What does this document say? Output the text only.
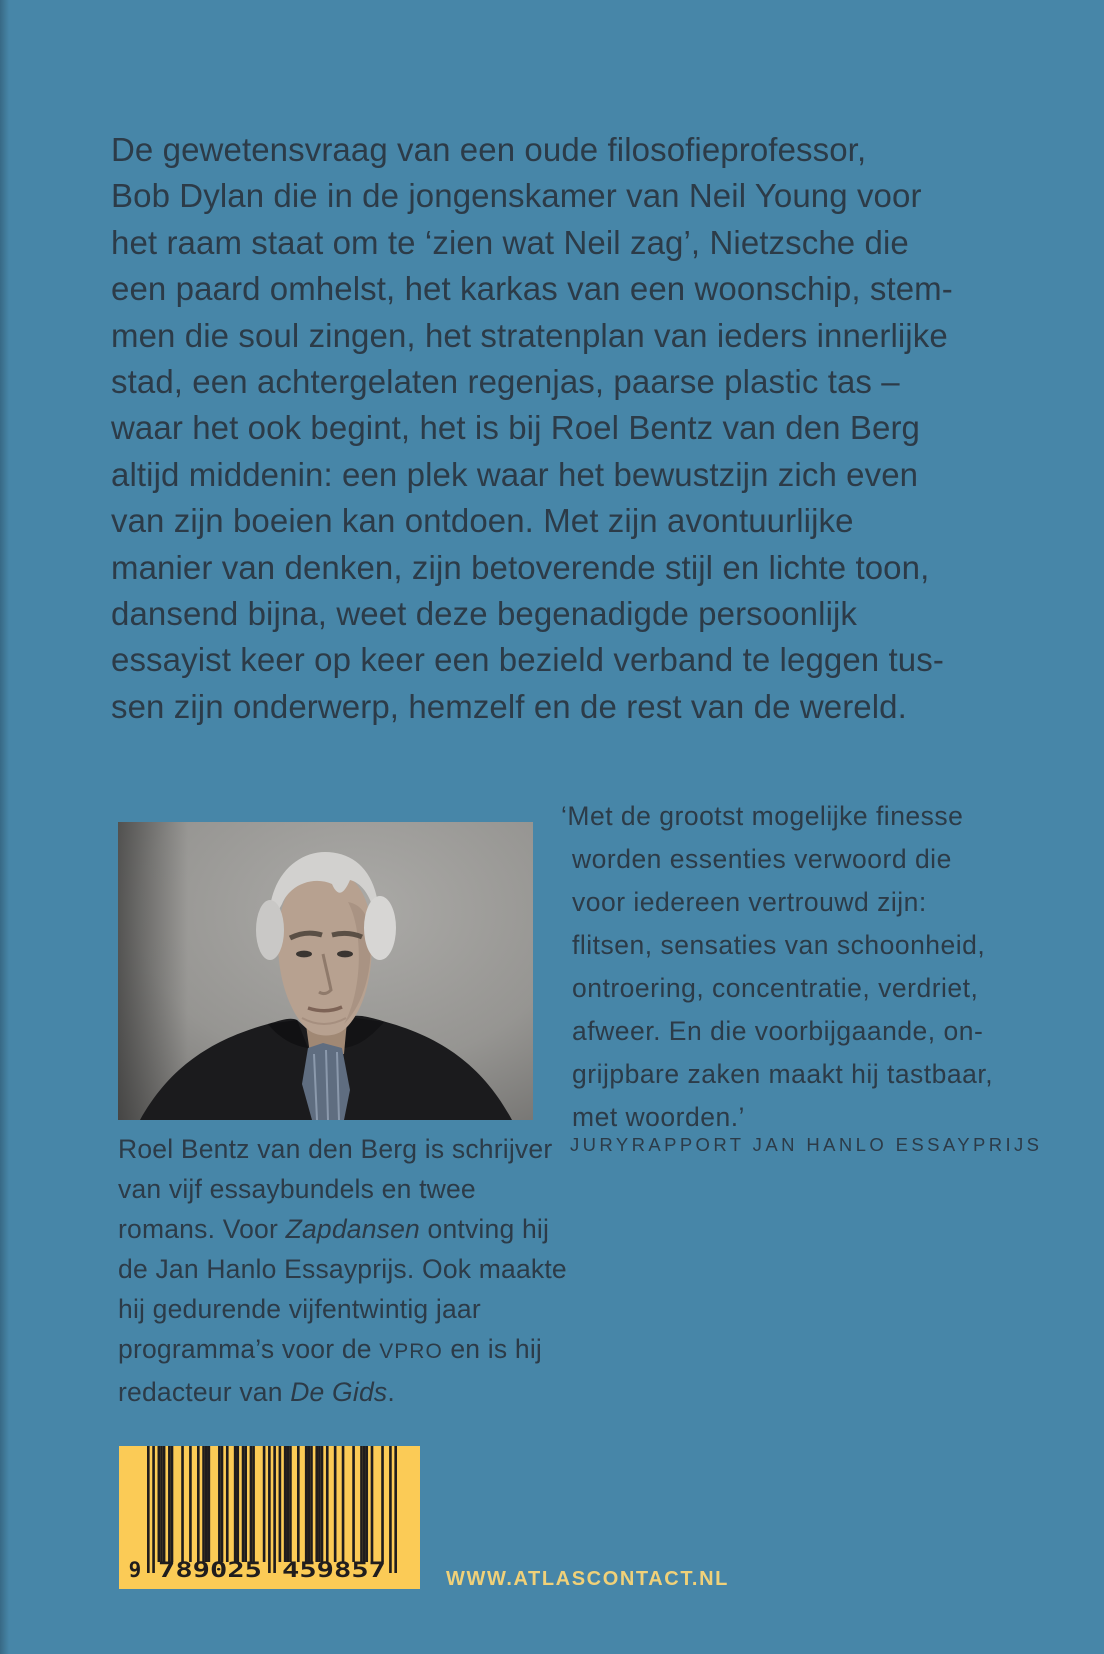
De gewetensvraag van een oude filosofieprofessor,
Bob Dylan die in de jongenskamer van Neil Young voor
het raam staat om te ‘zien wat Neil zag’, Nietzsche die
een paard omhelst, het karkas van een woonschip, stem-
men die soul zingen, het stratenplan van ieders innerlijke
stad, een achtergelaten regenjas, paarse plastic tas –
waar het ook begint, het is bij Roel Bentz van den Berg
altijd middenin: een plek waar het bewustzijn zich even
van zijn boeien kan ontdoen. Met zijn avontuurlijke
manier van denken, zijn betoverende stijl en lichte toon,
dansend bijna, weet deze begenadigde persoonlijk
essayist keer op keer een bezield verband te leggen tus-
sen zijn onderwerp, hemzelf en de rest van de wereld.
‘Met de grootst mogelijke finesse
worden essenties verwoord die
voor iedereen vertrouwd zijn:
flitsen, sensaties van schoonheid,
ontroering, concentratie, verdriet,
afweer. En die voorbijgaande, on-
grijpbare zaken maakt hij tastbaar,
met woorden.’
JURYRAPPORT JAN HANLO ESSAYPRIJS
Roel Bentz van den Berg is schrijver
van vijf essaybundels en twee
romans. Voor Zapdansen ontving hij
de Jan Hanlo Essayprijs. Ook maakte
hij gedurende vijfentwintig jaar
programma’s voor de VPRO en is hij
redacteur van De Gids.
9 789025 459857	WWW.ATLASCONTACT.NL
